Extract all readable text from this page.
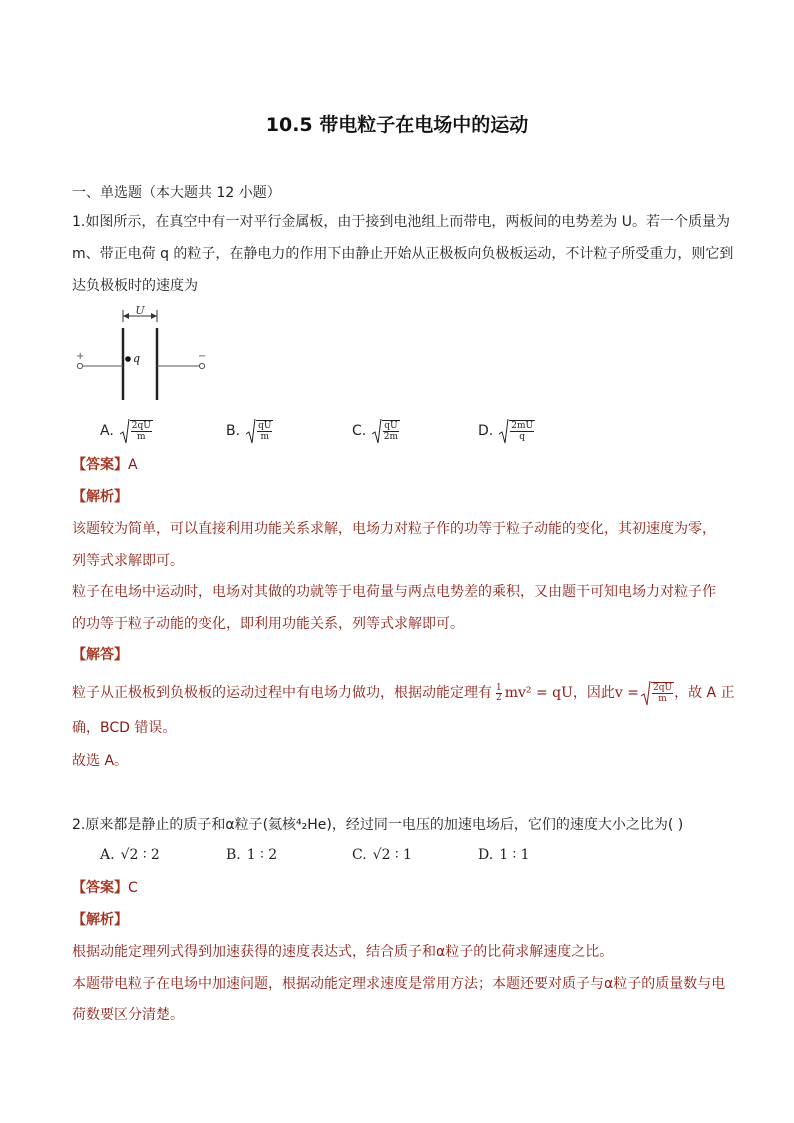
10.5 带电粒子在电场中的运动
一、单选题（本大题共 12 小题）
1.如图所示，在真空中有一对平行金属板，由于接到电池组上而带电，两板间的电势差为 U。若一个质量为
m、带正电荷 q 的粒子，在静电力的作用下由静止开始从正极板向负极板运动，不计粒子所受重力，则它到
达负极板时的速度为
U
+	−
q
A. $\frac{2qU}{m}$	B. $\frac{qU}{m}$	C. $\frac{qU}{2m}$	D. $\frac{2mU}{q}$
【答案】A
【解析】
该题较为简单，可以直接利用功能关系求解，电场力对粒子作的功等于粒子动能的变化，其初速度为零，
列等式求解即可。
粒子在电场中运动时，电场对其做的功就等于电荷量与两点电势差的乘积，又由题干可知电场力对粒子作
的功等于粒子动能的变化，即利用功能关系，列等式求解即可。
【解答】
粒子从正极板到负极板的运动过程中有电场力做功，根据动能定理有 $\frac{1}{2} mv^2$ = qU，因此$v = \frac{2qU}{m}$ ，故 A 正
确，BCD 错误。
故选 A。
2.原来都是静止的质子和α粒子(氦核⁴₂He)，经过同一电压的加速电场后，它们的速度大小之比为( )
A. √2 ∶ 2	B. 1 ∶ 2	C. √2 ∶ 1	D. 1 ∶ 1
【答案】C
【解析】
根据动能定理列式得到加速获得的速度表达式，结合质子和α粒子的比荷求解速度之比。
本题带电粒子在电场中加速问题，根据动能定理求速度是常用方法；本题还要对质子与α粒子的质量数与电
荷数要区分清楚。
